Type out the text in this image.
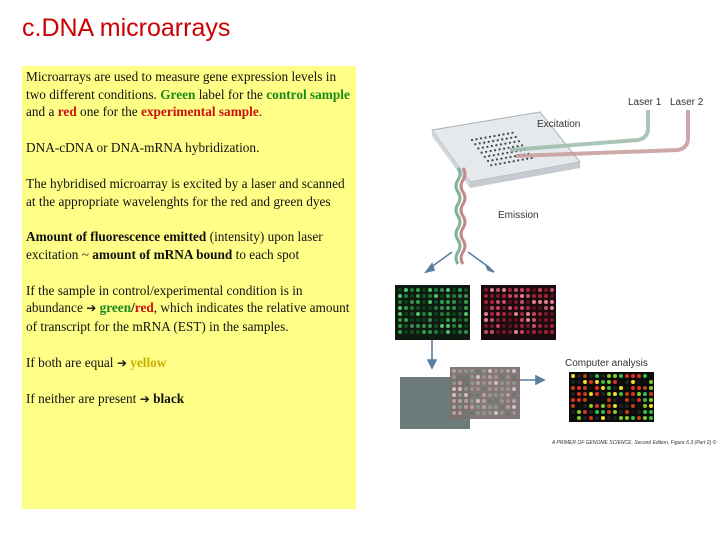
c.DNA microarrays

Microarrays are used to measure gene expression levels in two different conditions. Green label for the control sample and a red one for the experimental sample.

DNA-cDNA or DNA-mRNA hybridization.

The hybridised microarray is excited by a laser and scanned at the appropriate wavelenghts for the red and green dyes

Amount of fluorescence emitted (intensity) upon laser excitation ~ amount of mRNA bound to each spot

If the sample in control/experimental condition is in abundance ➔ green/red, which indicates the relative amount of transcript for the mRNA (EST) in the samples.

If both are equal ➔ yellow

If neither are present ➔ black

Laser 1 Laser 2
Excitation
Emission
Computer analysis
A PRIMER OF GENOME SCIENCE, Second Edition, Figure 6.3 (Part 2) ©
